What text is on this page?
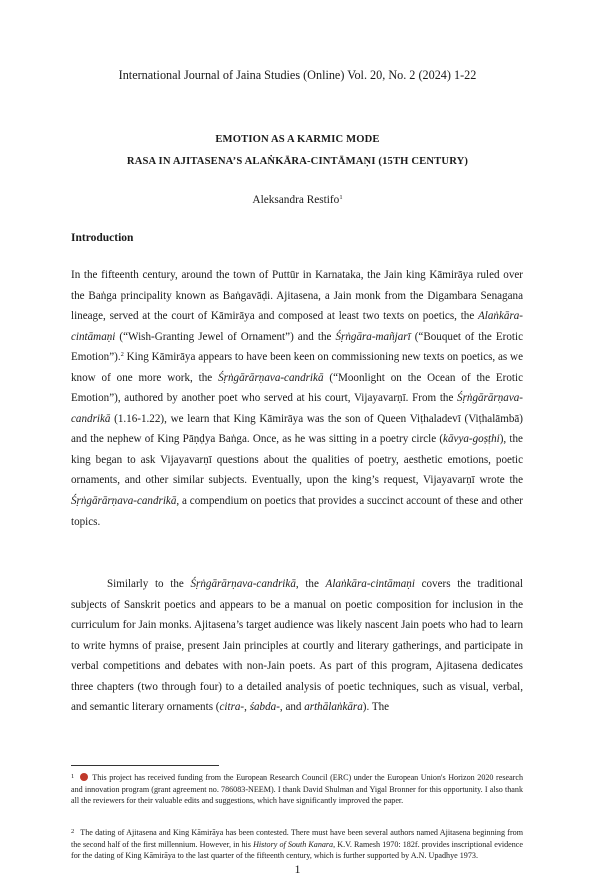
International Journal of Jaina Studies (Online) Vol. 20, No. 2 (2024) 1-22
EMOTION AS A KARMIC MODE
RASA IN AJITASENA’S ALAṄKĀRA-CINTĀMAṆI (15TH CENTURY)
Aleksandra Restifo$^1$
Introduction

In the fifteenth century, around the town of Puttūr in Karnataka, the Jain king Kāmirāya ruled over the Baṅga principality known as Baṅgavāḍi. Ajitasena, a Jain monk from the Digambara Senagana lineage, served at the court of Kāmirāya and composed at least two texts on poetics, the Alaṅkāra-cintāmaṇi (“Wish-Granting Jewel of Ornament”) and the Śṛṅgāra-mañjarī (“Bouquet of the Erotic Emotion”).$^2$ King Kāmirāya appears to have been keen on commissioning new texts on poetics, as we know of one more work, the Śṛṅgārārṇava-candrikā (“Moonlight on the Ocean of the Erotic Emotion”), authored by another poet who served at his court, Vijayavarṇī. From the Śṛṅgārārṇava-candrikā (1.16-1.22), we learn that King Kāmirāya was the son of Queen Viṭhaladevī (Viṭhalāmbā) and the nephew of King Pāṇḍya Baṅga. Once, as he was sitting in a poetry circle (kāvya-goṣṭhi), the king began to ask Vijayavarṇī questions about the qualities of poetry, aesthetic emotions, poetic ornaments, and other similar subjects. Eventually, upon the king’s request, Vijayavarṇī wrote the Śṛṅgārārṇava-candrikā, a compendium on poetics that provides a succinct account of these and other topics.

Similarly to the Śṛṅgārārṇava-candrikā, the Alaṅkāra-cintāmaṇi covers the traditional subjects of Sanskrit poetics and appears to be a manual on poetic composition for inclusion in the curriculum for Jain monks. Ajitasena’s target audience was likely nascent Jain poets who had to learn to write hymns of praise, present Jain principles at courtly and literary gatherings, and participate in verbal competitions and debates with non-Jain poets. As part of this program, Ajitasena dedicates three chapters (two through four) to a detailed analysis of poetic techniques, such as visual, verbal, and semantic literary ornaments (citra-, śabda-, and arthālaṅkāra). The

$^1$ This project has received funding from the European Research Council (ERC) under the European Union's Horizon 2020 research and innovation program (grant agreement no. 786083-NEEM). I thank David Shulman and Yigal Bronner for this opportunity. I also thank all the reviewers for their valuable edits and suggestions, which have significantly improved the paper.

$^2$ The dating of Ajitasena and King Kāmirāya has been contested. There must have been several authors named Ajitasena beginning from the second half of the first millennium. However, in his History of South Kanara, K.V. Ramesh 1970: 182f. provides inscriptional evidence for the dating of King Kāmirāya to the last quarter of the fifteenth century, which is further supported by A.N. Upadhye 1973.

1
